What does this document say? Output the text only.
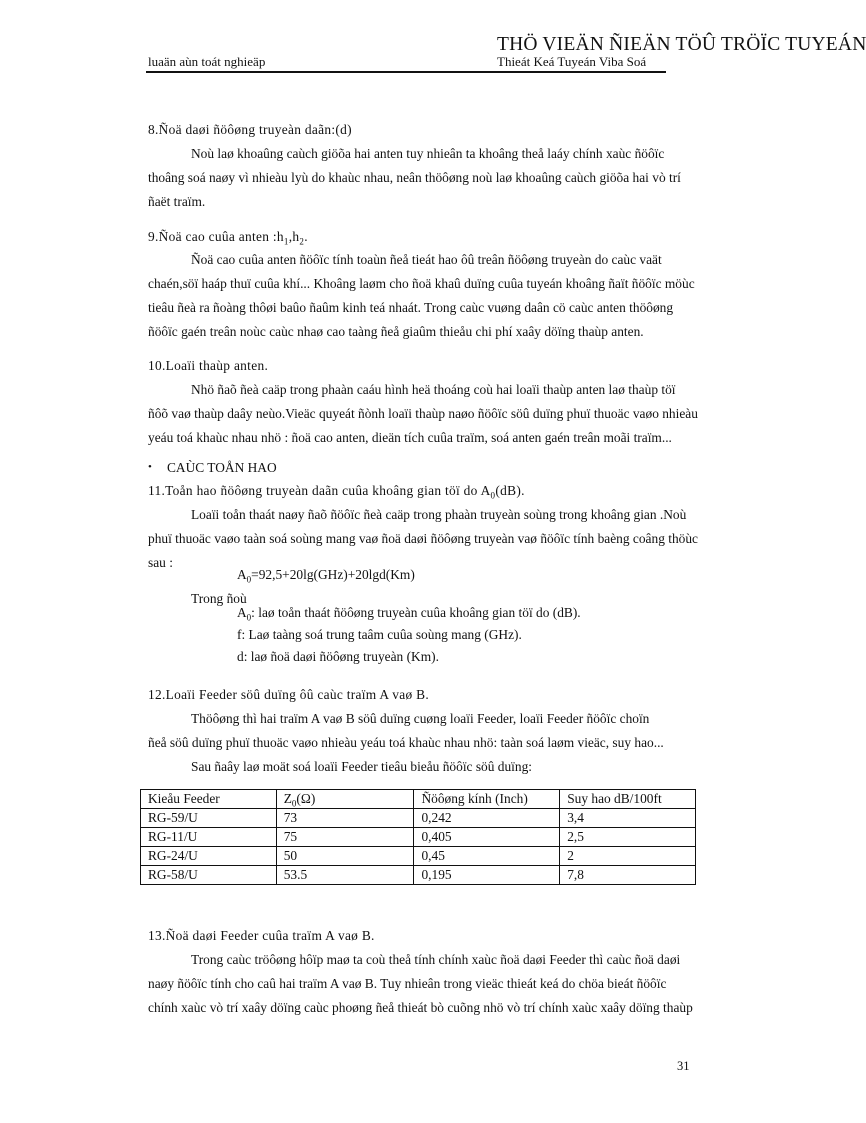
luaän aùn toát nghieäp
THÖ VIEÄN ÑIEÄN TÖÛ TRÖÏC TUYEÁN
Thieát Keá Tuyeán Viba Soá
8.Ñoä daøi ñöôøng truyeàn daãn:(d)
Noù laø khoaûng caùch giöõa hai anten tuy nhieân ta khoâng theå laáy chính xaùc ñöôïc
thoâng soá naøy vì nhieàu lyù do khaùc nhau, neân thöôøng noù laø khoaûng caùch giöõa hai vò trí
ñaët traïm.
9.Ñoä cao cuûa anten $:h_1,h_2$.
Ñoä cao cuûa anten ñöôïc tính toaùn ñeå tieát hao ôû treân ñöôøng truyeàn do caùc vaät
chaén,söï haáp thuï cuûa khí... Khoâng laøm cho ñoä khaû duïng cuûa tuyeán khoâng ñaït ñöôïc möùc
tieâu ñeà ra ñoàng thôøi baûo ñaûm kinh teá nhaát. Trong caùc vuøng daân cö caùc anten thöôøng
ñöôïc gaén treân noùc caùc nhaø cao taàng ñeå giaûm thieåu chi phí xaây döïng thaùp anten.
10.Loaïi thaùp anten.
Nhö ñaõ ñeà caäp trong phaàn caáu hình heä thoáng coù hai loaïi thaùp anten laø thaùp töï
ñôõ vaø thaùp daây neùo.Vieäc quyeát ñònh loaïi thaùp naøo ñöôïc söû duïng phuï thuoäc vaøo nhieàu
yeáu toá khaùc nhau nhö : ñoä cao anten, dieän tích cuûa traïm, soá anten gaén treân moãi traïm...
• CAÙC TOÅN HAO
11.Toån hao ñöôøng truyeàn daãn cuûa khoâng gian töï do $A_0(dB)$.
Loaïi toån thaát naøy ñaõ ñöôïc ñeà caäp trong phaàn truyeàn soùng trong khoâng gian .Noù
phuï thuoäc vaøo taàn soá soùng mang vaø ñoä daøi ñöôøng truyeàn vaø ñöôïc tính baèng coâng thöùc
sau :
$A_0=92,5+20\lg(GHz)+20\lg d(Km)$
Trong ñoù
$A_0$: laø toån thaát ñöôøng truyeàn cuûa khoâng gian töï do (dB).
f: Laø taàng soá trung taâm cuûa soùng mang (GHz).
d: laø ñoä daøi ñöôøng truyeàn (Km).
12.Loaïi Feeder söû duïng ôû caùc traïm A vaø B.
Thöôøng thì hai traïm A vaø B söû duïng cuøng loaïi Feeder, loaïi Feeder ñöôïc choïn
ñeå söû duïng phuï thuoäc vaøo nhieàu yeáu toá khaùc nhau nhö: taàn soá laøm vieäc, suy hao...
Sau ñaây laø moät soá loaïi Feeder tieâu bieåu ñöôïc söû duïng:
Kieåu Feeder	$Z_0(\Omega)$	Ñöôøng kính (Inch)	Suy hao dB/100ft
RG-59/U	73	0,242	3,4
RG-11/U	75	0,405	2,5
RG-24/U	50	0,45	2
RG-58/U	53.5	0,195	7,8
13.Ñoä daøi Feeder cuûa traïm A vaø B.
Trong caùc tröôøng hôïp maø ta coù theå tính chính xaùc ñoä daøi Feeder thì caùc ñoä daøi
naøy ñöôïc tính cho caû hai traïm A vaø B. Tuy nhieân trong vieäc thieát keá do chöa bieát ñöôïc
chính xaùc vò trí xaây döïng caùc phoøng ñeå thieát bò cuõng nhö vò trí chính xaùc xaây döïng thaùp
31
